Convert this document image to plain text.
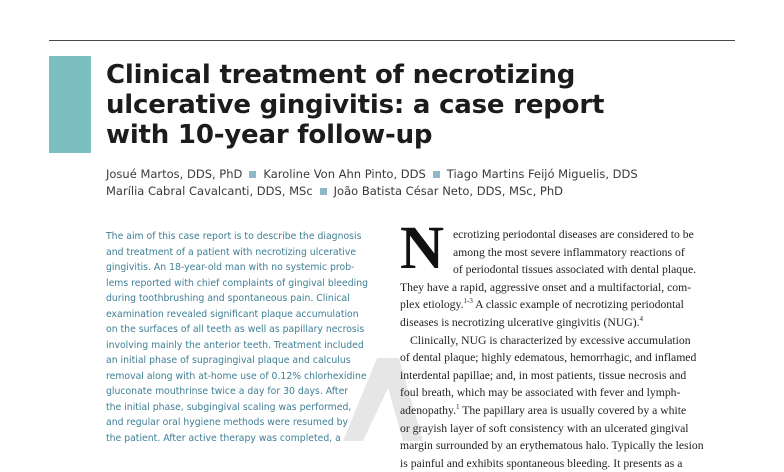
Clinical treatment of necrotizing
ulcerative gingivitis: a case report
with 10-year follow-up
Josué Martos, DDS, PhD Karoline Von Ahn Pinto, DDS Tiago Martins Feijó Miguelis, DDS
Marília Cabral Cavalcanti, DDS, MSc João Batista César Neto, DDS, MSc, PhD
The aim of this case report is to describe the diagnosis
and treatment of a patient with necrotizing ulcerative
gingivitis. An 18-year-old man with no systemic prob-
lems reported with chief complaints of gingival bleeding
during toothbrushing and spontaneous pain. Clinical
examination revealed significant plaque accumulation
on the surfaces of all teeth as well as papillary necrosis
involving mainly the anterior teeth. Treatment included
an initial phase of supragingival plaque and calculus
removal along with at-home use of 0.12% chlorhexidine
gluconate mouthrinse twice a day for 30 days. After
the initial phase, subgingival scaling was performed,
and regular oral hygiene methods were resumed by
the patient. After active therapy was completed, a
N ecrotizing periodontal diseases are considered to be
among the most severe inflammatory reactions of
of periodontal tissues associated with dental plaque.
They have a rapid, aggressive onset and a multifactorial, com-
plex etiology.$^{1-3}$ A classic example of necrotizing periodontal
diseases is necrotizing ulcerative gingivitis (NUG).$^4$
Clinically, NUG is characterized by excessive accumulation
of dental plaque; highly edematous, hemorrhagic, and inflamed
interdental papillae; and, in most patients, tissue necrosis and
foul breath, which may be associated with fever and lymph-
adenopathy.$^1$ The papillary area is usually covered by a white
or grayish layer of soft consistency with an ulcerated gingival
margin surrounded by an erythematous halo. Typically the lesion
is painful and exhibits spontaneous bleeding. It presents as a
